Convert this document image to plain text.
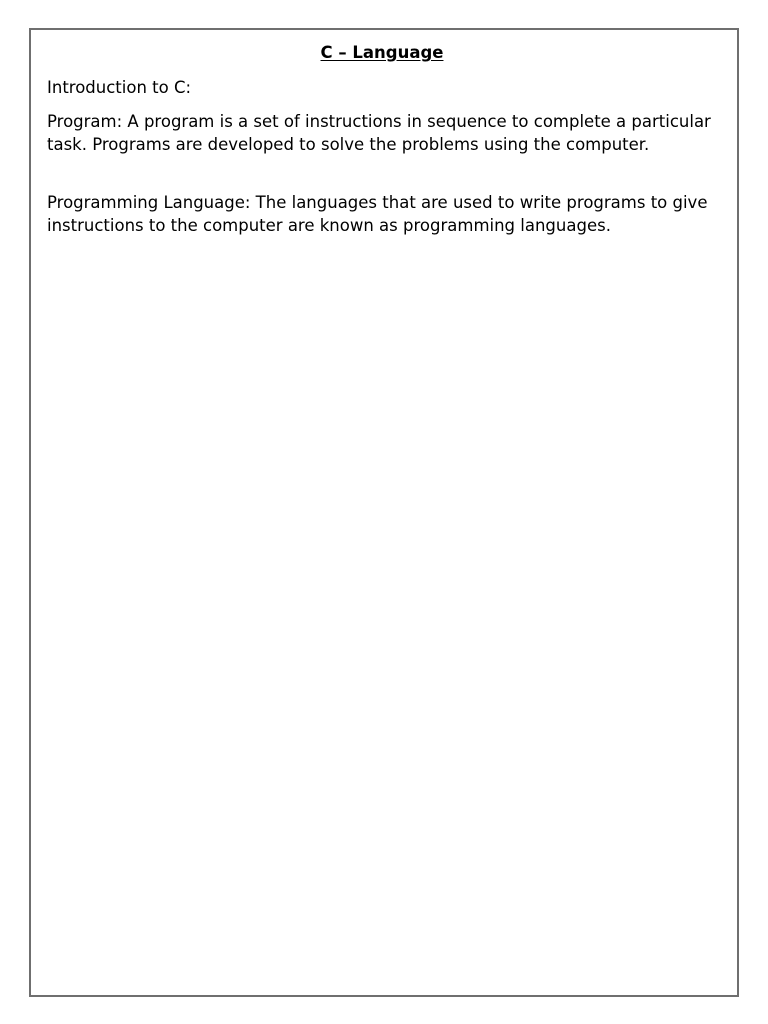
C – Language
Introduction to C:
Program: A program is a set of instructions in sequence to complete a particular task. Programs are developed to solve the problems using the computer.
Programming Language: The languages that are used to write programs to give instructions to the computer are known as programming languages.
